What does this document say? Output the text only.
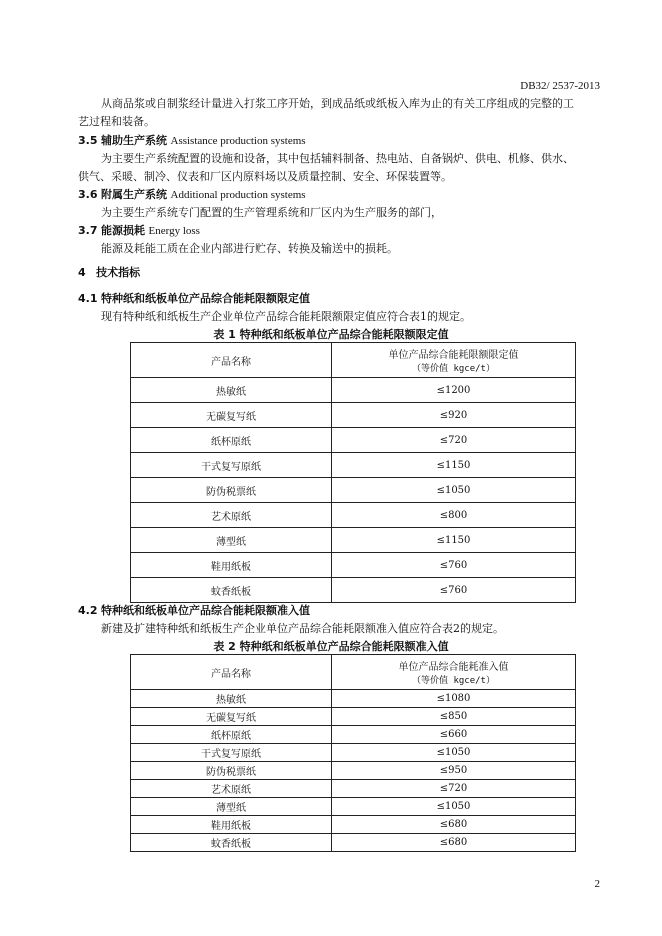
DB32/ 2537-2013
从商品浆或自制浆经计量进入打浆工序开始，到成品纸或纸板入库为止的有关工序组成的完整的工
艺过程和装备。
3.5 辅助生产系统 Assistance production systems
为主要生产系统配置的设施和设备，其中包括辅料制备、热电站、自备锅炉、供电、机修、供水、
供气、采暖、制冷、仪表和厂区内原料场以及质量控制、安全、环保装置等。
3.6 附属生产系统 Additional production systems
为主要生产系统专门配置的生产管理系统和厂区内为生产服务的部门，
3.7 能源损耗 Energy loss
能源及耗能工质在企业内部进行贮存、转换及输送中的损耗。
4 技术指标
4.1 特种纸和纸板单位产品综合能耗限额限定值
现有特种纸和纸板生产企业单位产品综合能耗限额限定值应符合表1的规定。
表 1 特种纸和纸板单位产品综合能耗限额限定值
产品名称	单位产品综合能耗限额限定值
（等价值 kgce/t）

热敏纸	≤1200
无碳复写纸	≤920
纸杯原纸	≤720
干式复写原纸	≤1150
防伪税票纸	≤1050
艺术原纸	≤800
薄型纸	≤1150
鞋用纸板	≤760
蚊香纸板	≤760
4.2 特种纸和纸板单位产品综合能耗限额准入值
新建及扩建特种纸和纸板生产企业单位产品综合能耗限额准入值应符合表2的规定。
表 2 特种纸和纸板单位产品综合能耗限额准入值
产品名称	单位产品综合能耗准入值
（等价值 kgce/t）

热敏纸	≤1080
无碳复写纸	≤850
纸杯原纸	≤660
干式复写原纸	≤1050
防伪税票纸	≤950
艺术原纸	≤720
薄型纸	≤1050
鞋用纸板	≤680
蚊香纸板	≤680
2
